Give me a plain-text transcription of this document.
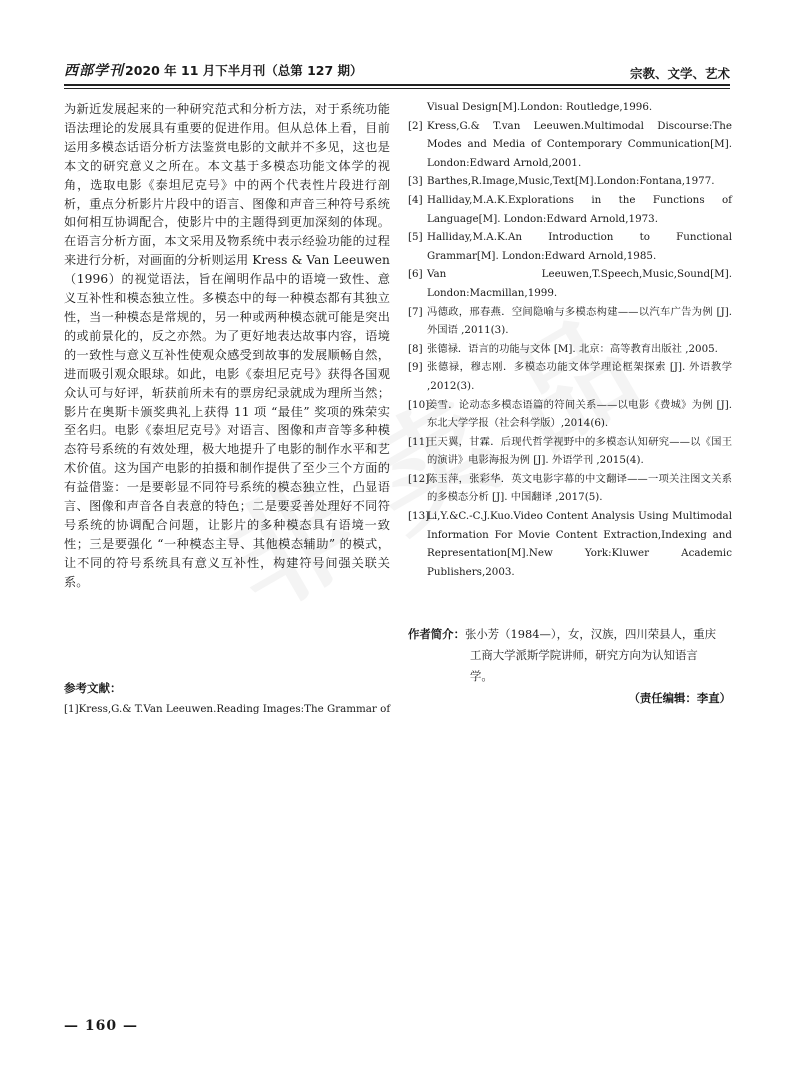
西部学刊2020 年 11 月下半月刊（总第 127 期）	宗教、文学、艺术

为新近发展起来的一种研究范式和分析方法，对于系统功能语法理论的发展具有重要的促进作用。但从总体上看，目前运用多模态话语分析方法鉴赏电影的文献并不多见，这也是本文的研究意义之所在。本文基于多模态功能文体学的视角，选取电影《泰坦尼克号》中的两个代表性片段进行剖析，重点分析影片片段中的语言、图像和声音三种符号系统如何相互协调配合，使影片中的主题得到更加深刻的体现。在语言分析方面，本文采用及物系统中表示经验功能的过程来进行分析，对画面的分析则运用 Kress & Van Leeuwen（1996）的视觉语法，旨在阐明作品中的语境一致性、意义互补性和模态独立性。多模态中的每一种模态都有其独立性，当一种模态是常规的，另一种或两种模态就可能是突出的或前景化的，反之亦然。为了更好地表达故事内容，语境的一致性与意义互补性使观众感受到故事的发展顺畅自然，进而吸引观众眼球。如此，电影《泰坦尼克号》获得各国观众认可与好评，斩获前所未有的票房纪录就成为理所当然；影片在奥斯卡颁奖典礼上获得 11 项 “最佳” 奖项的殊荣实至名归。电影《泰坦尼克号》对语言、图像和声音等多种模态符号系统的有效处理，极大地提升了电影的制作水平和艺术价值。这为国产电影的拍摄和制作提供了至少三个方面的有益借鉴：一是要彰显不同符号系统的模态独立性，凸显语言、图像和声音各自表意的特色；二是要妥善处理好不同符号系统的协调配合问题，让影片的多种模态具有语境一致性；三是要强化 “一种模态主导、其他模态辅助” 的模式，让不同的符号系统具有意义互补性，构建符号间强关联关系。

参考文献：

[1]Kress,G.& T.Van Leeuwen.Reading Images:The Grammar of

Visual Design[M].London: Routledge,1996.

[2] Kress,G.& T.van Leeuwen.Multimodal Discourse:The Modes and Media of Contemporary Communication[M]. London:Edward Arnold,2001.

[3] Barthes,R.Image,Music,Text[M].London:Fontana,1977.

[4] Halliday,M.A.K.Explorations in the Functions of Language[M]. London:Edward Arnold,1973.

[5] Halliday,M.A.K.An Introduction to Functional Grammar[M]. London:Edward Arnold,1985.

[6] Van Leeuwen,T.Speech,Music,Sound[M]. London:Macmillan,1999.

[7] 冯德政，邢春燕．空间隐喻与多模态构建——以汽车广告为例 [J]. 外国语 ,2011(3).

[8] 张德禄．语言的功能与文体 [M]. 北京：高等教育出版社 ,2005.

[9] 张德禄，穆志刚．多模态功能文体学理论框架探索 [J]. 外语教学 ,2012(3).

[10]
姜雪．论动态多模态语篇的符间关系——以电影《费城》为例 [J]. 东北大学学报（社会科学版）,2014(6).

[11]
王天翼，甘霖．后现代哲学视野中的多模态认知研究——以《国王的演讲》电影海报为例 [J]. 外语学刊 ,2015(4).

[12]
陈玉萍，张彩华．英文电影字幕的中文翻译——一项关注图文关系的多模态分析 [J]. 中国翻译 ,2017(5).

[13]
Li,Y.&C.-C.J.Kuo.Video Content Analysis Using Multimodal Information For Movie Content Extraction,Indexing and Representation[M].New York:Kluwer Academic Publishers,2003.

作者简介：张小芳（1984—），女，汉族，四川荣县人，重庆
工商大学派斯学院讲师，研究方向为认知语言
学。
（责任编辑：李直）
— 160 —
